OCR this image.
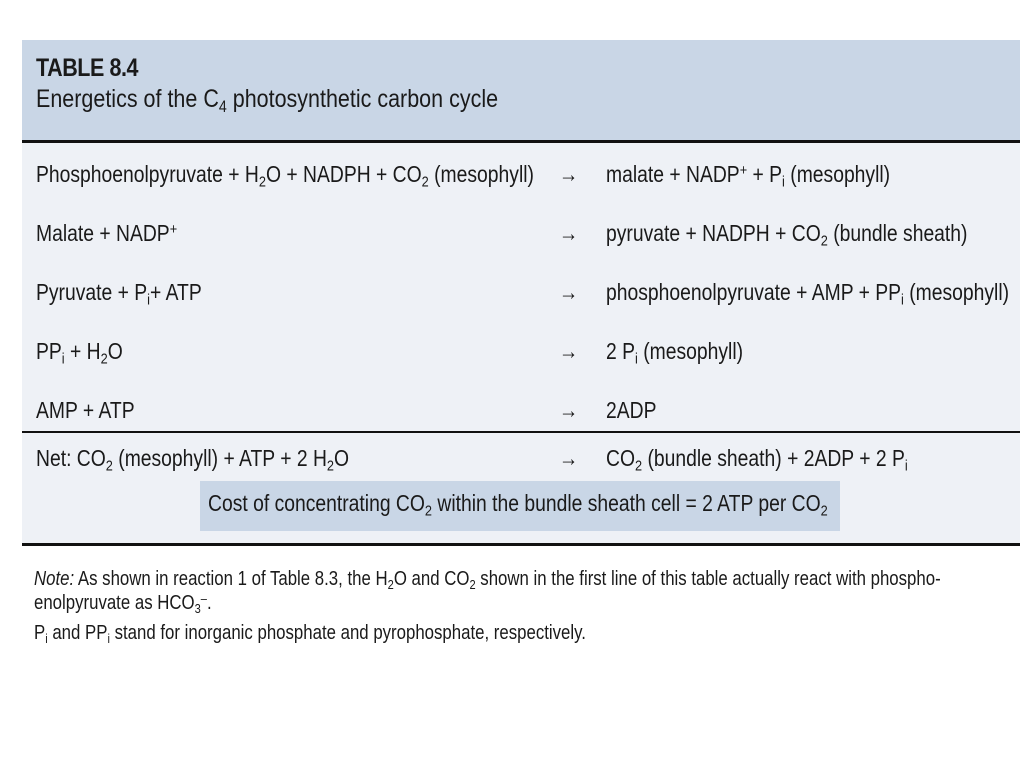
TABLE 8.4
Energetics of the $C_4$ photosynthetic carbon cycle
Phosphoenolpyruvate + $H_2O$ + NADPH + $CO_2$ (mesophyll) → malate + NADP+ + $P_i$ (mesophyll)
Malate + NADP+	→ pyruvate + NADPH + $CO_2$ (bundle sheath)
Pyruvate + $P_i+$ ATP	→ phosphoenolpyruvate + AMP + $PP_i$ (mesophyll)
$PP_i + H_2O$	→ 2 $P_i$ (mesophyll)
AMP + ATP	→ 2ADP
Net: $CO_2$ (mesophyll) + ATP + 2 $H_2O$	→ $CO_2$ (bundle sheath) + 2ADP + 2 $P_i$
Cost of concentrating $CO_2$ within the bundle sheath cell = 2 ATP per $CO_2$
Note: As shown in reaction 1 of Table 8.3, the $H_2O$ and $CO_2$ shown in the first line of this table actually react with phospho-
enolpyruvate as $HCO_3^-$.
$P_i$ and $PP_i$ stand for inorganic phosphate and pyrophosphate, respectively.
